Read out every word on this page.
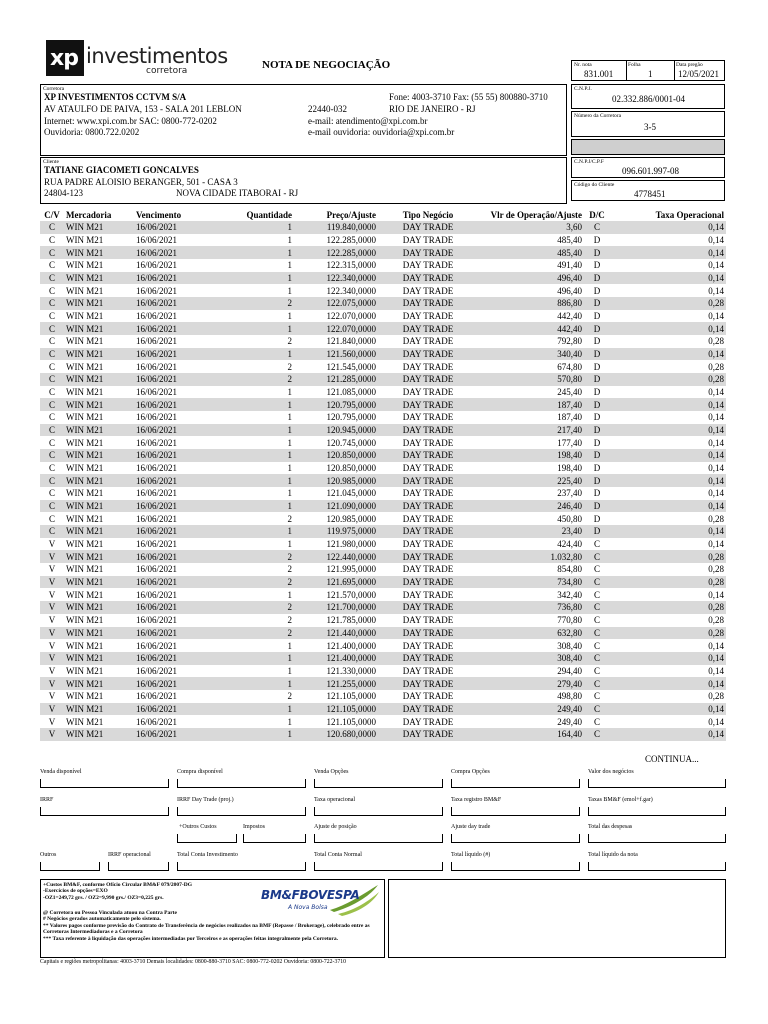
xp investimentos
corretora	NOTA DE NEGOCIAÇÃO	Nr. nota
831.001
Folha
1
Data pregão
12/05/2021
Corretora
XP INVESTIMENTOS CCTVM S/A
AV ATAULFO DE PAIVA, 153 - SALA 201 LEBLON
Internet: www.xpi.com.br SAC: 0800-772-0202
Ouvidoria: 0800.722.0202
Fone: 4003-3710 Fax: (55 55) 800880-3710
22440-032	RIO DE JANEIRO - RJ
e-mail: atendimento@xpi.com.br
e-mail ouvidoria: ouvidoria@xpi.com.br
C.N.P.J.
02.332.886/0001-04
Número da Corretora
3-5
Cliente
TATIANE GIACOMETI GONCALVES
RUA PADRE ALOISIO BERANGER, 501 - CASA 3
24804-123	NOVA CIDADE ITABORAI - RJ
C.N.P.J/C.P.F
096.601.997-08
Código do Cliente
4778451
C/V	Mercadoria	Vencimento	Quantidade	Preço/Ajuste	Tipo Negócio	Vlr de Operação/Ajuste	D/C	Taxa Operacional
C	WIN M21	16/06/2021	1	119.840,0000	DAY TRADE	3,60	C	0,14
C	WIN M21	16/06/2021	1	122.285,0000	DAY TRADE	485,40	D	0,14
C	WIN M21	16/06/2021	1	122.285,0000	DAY TRADE	485,40	D	0,14
C	WIN M21	16/06/2021	1	122.315,0000	DAY TRADE	491,40	D	0,14
C	WIN M21	16/06/2021	1	122.340,0000	DAY TRADE	496,40	D	0,14
C	WIN M21	16/06/2021	1	122.340,0000	DAY TRADE	496,40	D	0,14
C	WIN M21	16/06/2021	2	122.075,0000	DAY TRADE	886,80	D	0,28
C	WIN M21	16/06/2021	1	122.070,0000	DAY TRADE	442,40	D	0,14
C	WIN M21	16/06/2021	1	122.070,0000	DAY TRADE	442,40	D	0,14
C	WIN M21	16/06/2021	2	121.840,0000	DAY TRADE	792,80	D	0,28
C	WIN M21	16/06/2021	1	121.560,0000	DAY TRADE	340,40	D	0,14
C	WIN M21	16/06/2021	2	121.545,0000	DAY TRADE	674,80	D	0,28
C	WIN M21	16/06/2021	2	121.285,0000	DAY TRADE	570,80	D	0,28
C	WIN M21	16/06/2021	1	121.085,0000	DAY TRADE	245,40	D	0,14
C	WIN M21	16/06/2021	1	120.795,0000	DAY TRADE	187,40	D	0,14
C	WIN M21	16/06/2021	1	120.795,0000	DAY TRADE	187,40	D	0,14
C	WIN M21	16/06/2021	1	120.945,0000	DAY TRADE	217,40	D	0,14
C	WIN M21	16/06/2021	1	120.745,0000	DAY TRADE	177,40	D	0,14
C	WIN M21	16/06/2021	1	120.850,0000	DAY TRADE	198,40	D	0,14
C	WIN M21	16/06/2021	1	120.850,0000	DAY TRADE	198,40	D	0,14
C	WIN M21	16/06/2021	1	120.985,0000	DAY TRADE	225,40	D	0,14
C	WIN M21	16/06/2021	1	121.045,0000	DAY TRADE	237,40	D	0,14
C	WIN M21	16/06/2021	1	121.090,0000	DAY TRADE	246,40	D	0,14
C	WIN M21	16/06/2021	2	120.985,0000	DAY TRADE	450,80	D	0,28
C	WIN M21	16/06/2021	1	119.975,0000	DAY TRADE	23,40	D	0,14
V	WIN M21	16/06/2021	1	121.980,0000	DAY TRADE	424,40	C	0,14
V	WIN M21	16/06/2021	2	122.440,0000	DAY TRADE	1.032,80	C	0,28
V	WIN M21	16/06/2021	2	121.995,0000	DAY TRADE	854,80	C	0,28
V	WIN M21	16/06/2021	2	121.695,0000	DAY TRADE	734,80	C	0,28
V	WIN M21	16/06/2021	1	121.570,0000	DAY TRADE	342,40	C	0,14
V	WIN M21	16/06/2021	2	121.700,0000	DAY TRADE	736,80	C	0,28
V	WIN M21	16/06/2021	2	121.785,0000	DAY TRADE	770,80	C	0,28
V	WIN M21	16/06/2021	2	121.440,0000	DAY TRADE	632,80	C	0,28
V	WIN M21	16/06/2021	1	121.400,0000	DAY TRADE	308,40	C	0,14
V	WIN M21	16/06/2021	1	121.400,0000	DAY TRADE	308,40	C	0,14
V	WIN M21	16/06/2021	1	121.330,0000	DAY TRADE	294,40	C	0,14
V	WIN M21	16/06/2021	1	121.255,0000	DAY TRADE	279,40	C	0,14
V	WIN M21	16/06/2021	2	121.105,0000	DAY TRADE	498,80	C	0,28
V	WIN M21	16/06/2021	1	121.105,0000	DAY TRADE	249,40	C	0,14
V	WIN M21	16/06/2021	1	121.105,0000	DAY TRADE	249,40	C	0,14
V	WIN M21	16/06/2021	1	120.680,0000	DAY TRADE	164,40	C	0,14
CONTINUA...
Venda disponível	Compra disponível	Venda Opções	Compra Opções	Valor dos negócios
IRRF	IRRF Day Trade (proj.)	Taxa operacional	Taxa registro BM&F	Taxas BM&F (emol+f.gar)
+Outros Custos	Impostos	Ajuste de posição	Ajuste day trade	Total das despesas
Outros	IRRF operacional	Total Conta Investimento	Total Conta Normal	Total líquido (#)	Total líquido da nota
+Custos BM&F, conforme Ofício Circular BM&F 079/2007-DG
-Exercícios de opções=EXO
-OZ1=249,72 grs. / OZ2=9,990 grs./ OZ3=0,225 grs.
@ Corretora ou Pessoa Vinculada atuou na Contra Parte
# Negócios gerados automaticamente pelo sistema.
** Valores pagos conforme previsão do Contrato de Transferência de negócios realizados na BMF (Repasse / Brokerage), celebrado entre as Corretoras Intermediadoras e a Corretora
*** Taxa referente à liquidação das operações intermediadas por Terceiros e as operações feitas integralmente pela Corretora.
BM&FBOVESPA
A Nova Bolsa
Capitais e regiões metropolitanas: 4003-3710 Demais localidades: 0800-880-3710 SAC: 0800-772-0202 Ouvidoria: 0800-722-3710
